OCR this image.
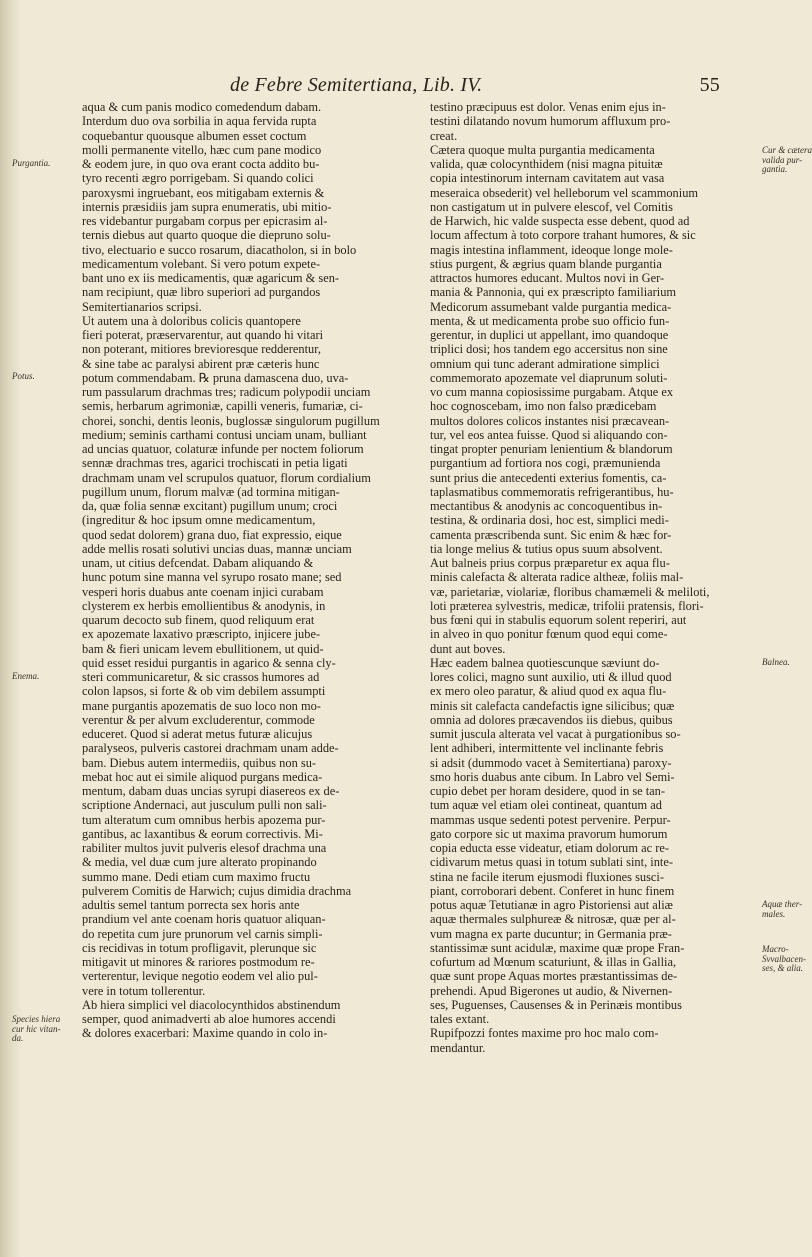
de Febre Semitertiana, Lib. IV.	55
aqua & cum panis modico comedendum dabam.
Interdum duo ova sorbilia in aqua fervida rupta
coquebantur quousque albumen esset coctum
molli permanente vitello, hæc cum pane modico
& eodem jure, in quo ova erant cocta addito bu-
tyro recenti ægro porrigebam. Si quando colici
paroxysmi ingruebant, eos mitigabam externis &
internis præsidiis jam supra enumeratis, ubi mitio-
res videbantur purgabam corpus per epicrasim al-
ternis diebus aut quarto quoque die diepruno solu-
tivo, electuario e succo rosarum, diacatholon, si in bolo
medicamentum volebant. Si vero potum expete-
bant uno ex iis medicamentis, quæ agaricum & sen-
nam recipiunt, quæ libro superiori ad purgandos
Semitertianarios scripsi.
Ut autem una à doloribus colicis quantopere
fieri poterat, præservarentur, aut quando hi vitari
non poterant, mitiores brevioresque redderentur,
& sine tabe ac paralysi abirent præ cæteris hunc
potum commendabam. ℞ pruna damascena duo, uva-
rum passularum drachmas tres; radicum polypodii unciam
semis, herbarum agrimoniæ, capilli veneris, fumariæ, ci-
chorei, sonchi, dentis leonis, buglossæ singulorum pugillum
medium; seminis carthami contusi unciam unam, bulliant
ad uncias quatuor, colaturæ infunde per noctem foliorum
sennæ drachmas tres, agarici trochiscati in petia ligati
drachmam unam vel scrupulos quatuor, florum cordialium
pugillum unum, florum malvæ (ad tormina mitigan-
da, quæ folia sennæ excitant) pugillum unum; croci
(ingreditur & hoc ipsum omne medicamentum,
quod sedat dolorem) grana duo, fiat expressio, eique
adde mellis rosati solutivi uncias duas, mannæ unciam
unam, ut citius defcendat. Dabam aliquando &
hunc potum sine manna vel syrupo rosato mane; sed
vesperi horis duabus ante coenam injici curabam
clysterem ex herbis emollientibus & anodynis, in
quarum decocto sub finem, quod reliquum erat
ex apozemate laxativo præscripto, injicere jube-
bam & fieri unicam levem ebullitionem, ut quid-
quid esset residui purgantis in agarico & senna cly-
steri communicaretur, & sic crassos humores ad
colon lapsos, si forte & ob vim debilem assumpti
mane purgantis apozematis de suo loco non mo-
verentur & per alvum excluderentur, commode
educeret. Quod si aderat metus futuræ alicujus
paralyseos, pulveris castorei drachmam unam adde-
bam. Diebus autem intermediis, quibus non su-
mebat hoc aut ei simile aliquod purgans medica-
mentum, dabam duas uncias syrupi diasereos ex de-
scriptione Andernaci, aut jusculum pulli non sali-
tum alteratum cum omnibus herbis apozema pur-
gantibus, ac laxantibus & eorum correctivis. Mi-
rabiliter multos juvit pulveris elesof drachma una
& media, vel duæ cum jure alterato propinando
summo mane. Dedi etiam cum maximo fructu
pulverem Comitis de Harwich; cujus dimidia drachma
adultis semel tantum porrecta sex horis ante
prandium vel ante coenam horis quatuor aliquan-
do repetita cum jure prunorum vel carnis simpli-
cis recidivas in totum profligavit, plerunque sic
mitigavit ut minores & rariores postmodum re-
verterentur, levique negotio eodem vel alio pul-
vere in totum tollerentur.
Ab hiera simplici vel diacolocynthidos abstinendum
semper, quod animadverti ab aloe humores accendi
& dolores exacerbari: Maxime quando in colo in-
testino præcipuus est dolor. Venas enim ejus in-
testini dilatando novum humorum affluxum pro-
creat.
Cætera quoque multa purgantia medicamenta
valida, quæ colocynthidem (nisi magna pituitæ
copia intestinorum internam cavitatem aut vasa
meseraica obsederit) vel helleborum vel scammonium
non castigatum ut in pulvere elescof, vel Comitis
de Harwich, hic valde suspecta esse debent, quod ad
locum affectum à toto corpore trahant humores, & sic
magis intestina inflamment, ideoque longe mole-
stius purgent, & ægrius quam blande purgantia
attractos humores educant. Multos novi in Ger-
mania & Pannonia, qui ex præscripto familiarium
Medicorum assumebant valde purgantia medica-
menta, & ut medicamenta probe suo officio fun-
gerentur, in duplici ut appellant, imo quandoque
triplici dosi; hos tandem ego accersitus non sine
omnium qui tunc aderant admiratione simplici
commemorato apozemate vel diaprunum soluti-
vo cum manna copiosissime purgabam. Atque ex
hoc cognoscebam, imo non falso prædicebam
multos dolores colicos instantes nisi præcavean-
tur, vel eos antea fuisse. Quod si aliquando con-
tingat propter penuriam lenientium & blandorum
purgantium ad fortiora nos cogi, præmunienda
sunt prius die antecedenti exterius fomentis, ca-
taplasmatibus commemoratis refrigerantibus, hu-
mectantibus & anodynis ac concoquentibus in-
testina, & ordinaria dosi, hoc est, simplici medi-
camenta præscribenda sunt. Sic enim & hæc for-
tia longe melius & tutius opus suum absolvent.
Aut balneis prius corpus præparetur ex aqua flu-
minis calefacta & alterata radice altheæ, foliis mal-
væ, parietariæ, violariæ, floribus chamæmeli & meliloti,
loti præterea sylvestris, medicæ, trifolii pratensis, flori-
bus fœni qui in stabulis equorum solent reperiri, aut
in alveo in quo ponitur fœnum quod equi come-
dunt aut boves.
Hæc eadem balnea quotiescunque sæviunt do-
lores colici, magno sunt auxilio, uti & illud quod
ex mero oleo paratur, & aliud quod ex aqua flu-
minis sit calefacta candefactis igne silicibus; quæ
omnia ad dolores præcavendos iis diebus, quibus
sumit jusculа alterata vel vacat à purgationibus so-
lent adhiberi, intermittente vel inclinante febris
si adsit (dummodo vacet à Semitertiana) paroxy-
smo horis duabus ante cibum. In Labro vel Semi-
cupio debet per horam desidere, quod in se tan-
tum aquæ vel etiam olei contineat, quantum ad
mammas usque sedenti potest pervenire. Perpur-
gato corpore sic ut maxima pravorum humorum
copia educta esse videatur, etiam dolorum ac re-
cidivarum metus quasi in totum sublati sint, inte-
stina ne facile iterum ejusmodi fluxiones susci-
piant, corroborari debent. Conferet in hunc finem
potus aquæ Tetutianæ in agro Pistoriensi aut aliæ
aquæ thermales sulphureæ & nitrosæ, quæ per al-
vum magna ex parte ducuntur; in Germania præ-
stantissimæ sunt acidulæ, maxime quæ prope Fran-
cofurtum ad Mœnum scaturiunt, & illas in Gallia,
quæ sunt prope Aquas mortes præstantissimas de-
prehendi. Apud Bigerones ut audio, & Nivernen-
ses, Puguenses, Causenses & in Perinæis montibus
tales extant.
Rupifpozzi fontes maxime pro hoc malo com-
mendantur.
Purgantia.
Potus.
Enema.
Species hiera
cur hic vitan-
da.
Cur & cætera
valida pur-
gantia.
Balnea.
Aquæ ther-
males.
Macro-
Svvalbacen-
ses, & alia.
